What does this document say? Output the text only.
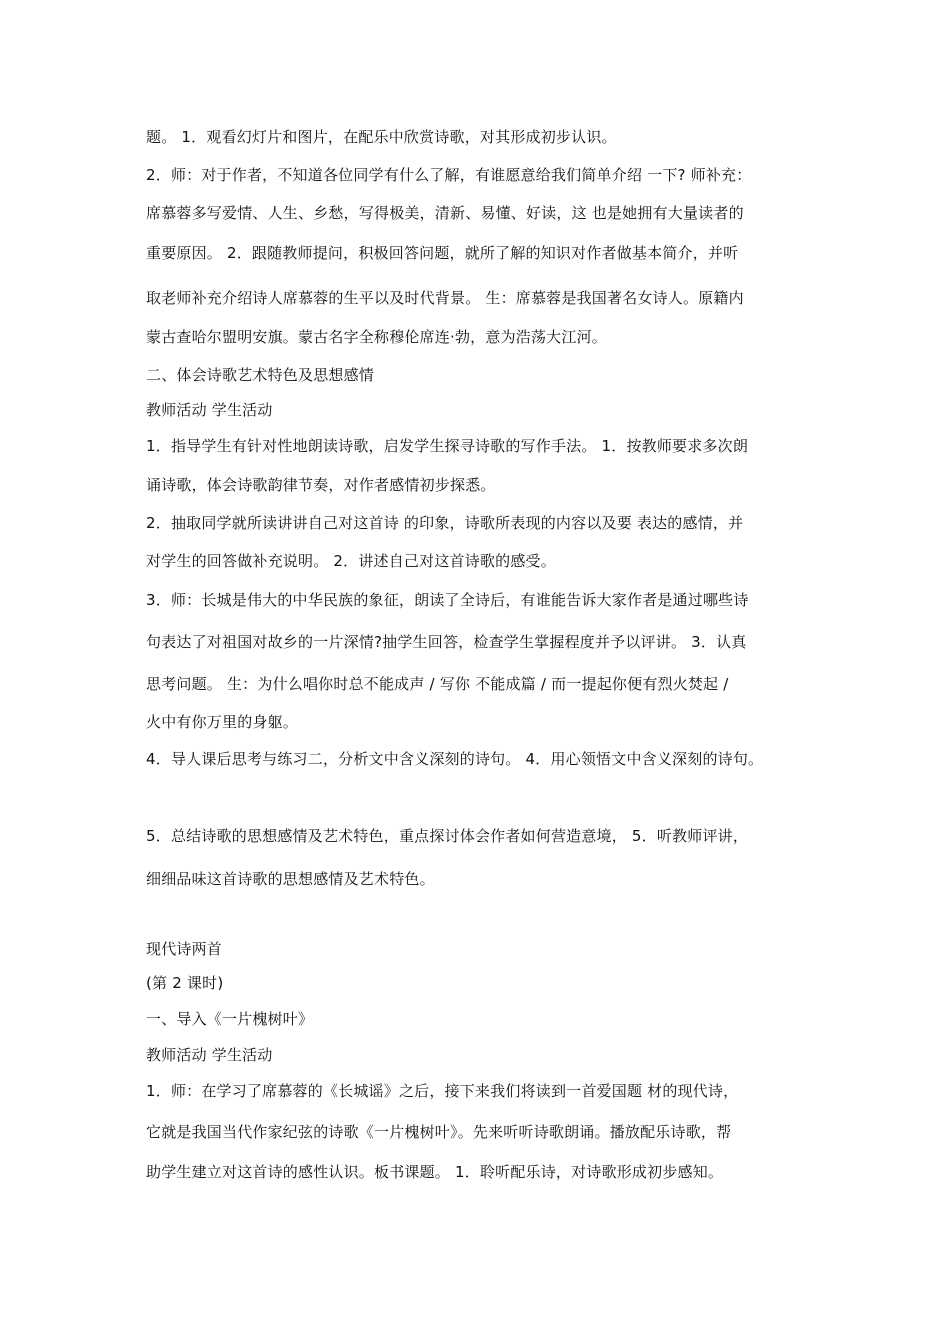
题。 1．观看幻灯片和图片，在配乐中欣赏诗歌，对其形成初步认识。
2．师：对于作者，不知道各位同学有什么了解，有谁愿意给我们简单介绍 一下? 师补充：
席慕蓉多写爱情、人生、乡愁，写得极美，清新、易懂、好读，这 也是她拥有大量读者的
重要原因。 2．跟随教师提问，积极回答问题，就所了解的知识对作者做基本简介，并听
取老师补充介绍诗人席慕蓉的生平以及时代背景。 生：席慕蓉是我国著名女诗人。原籍内
蒙古查哈尔盟明安旗。蒙古名字全称穆伦席连·勃，意为浩荡大江河。
二、体会诗歌艺术特色及思想感情
教师活动 学生活动
1．指导学生有针对性地朗读诗歌，启发学生探寻诗歌的写作手法。 1．按教师要求多次朗
诵诗歌，体会诗歌韵律节奏，对作者感情初步探悉。
2．抽取同学就所读讲讲自己对这首诗 的印象，诗歌所表现的内容以及要 表达的感情，并
对学生的回答做补充说明。 2．讲述自己对这首诗歌的感受。
3．师：长城是伟大的中华民族的象征，朗读了全诗后，有谁能告诉大家作者是通过哪些诗
句表达了对祖国对故乡的一片深情?抽学生回答，检查学生掌握程度并予以评讲。 3．认真
思考问题。 生：为什么唱你时总不能成声 / 写你 不能成篇 / 而一提起你便有烈火焚起 /
火中有你万里的身躯。
4．导人课后思考与练习二，分析文中含义深刻的诗句。 4．用心领悟文中含义深刻的诗句。
5．总结诗歌的思想感情及艺术特色，重点探讨体会作者如何营造意境， 5．听教师评讲，
细细品味这首诗歌的思想感情及艺术特色。
现代诗两首
(第 2 课时)
一、导入《一片槐树叶》
教师活动 学生活动
1．师：在学习了席慕蓉的《长城谣》之后，接下来我们将读到一首爱国题 材的现代诗，
它就是我国当代作家纪弦的诗歌《一片槐树叶》。先来听听诗歌朗诵。播放配乐诗歌，帮
助学生建立对这首诗的感性认识。板书课题。 1．聆听配乐诗，对诗歌形成初步感知。
